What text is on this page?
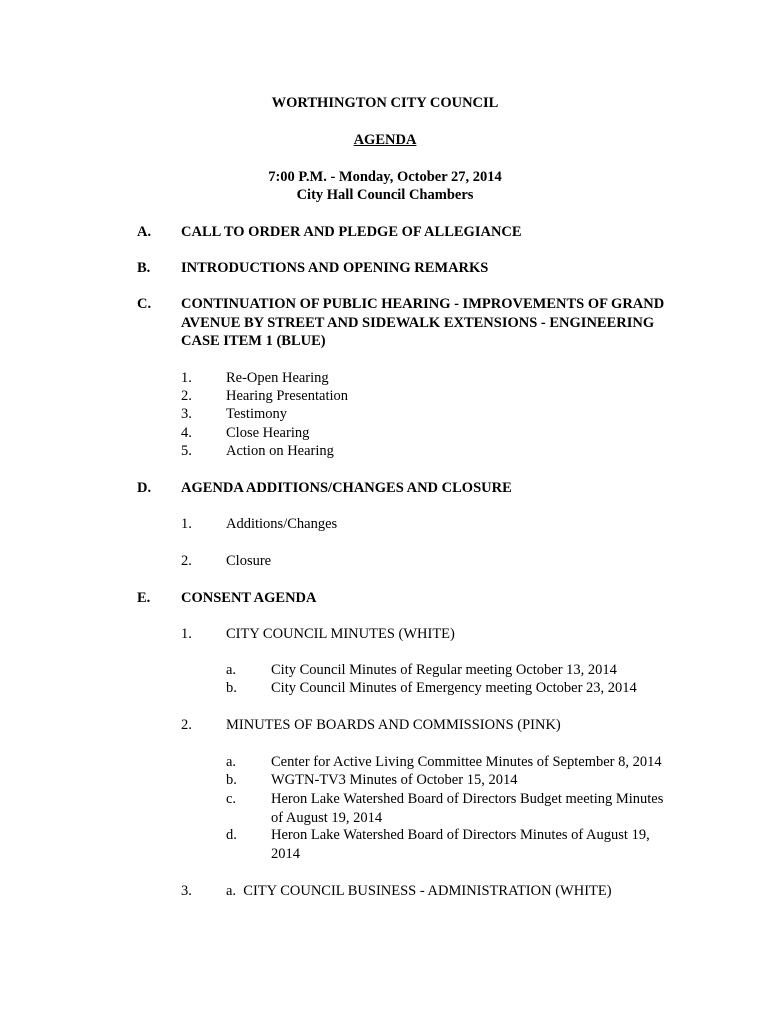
WORTHINGTON CITY COUNCIL
AGENDA
7:00 P.M. - Monday, October 27, 2014
City Hall Council Chambers
A. CALL TO ORDER AND PLEDGE OF ALLEGIANCE
B. INTRODUCTIONS AND OPENING REMARKS
C. CONTINUATION OF PUBLIC HEARING - IMPROVEMENTS OF GRAND
AVENUE BY STREET AND SIDEWALK EXTENSIONS - ENGINEERING
CASE ITEM 1 (BLUE)
1. Re-Open Hearing
2. Hearing Presentation
3. Testimony
4. Close Hearing
5. Action on Hearing
D. AGENDA ADDITIONS/CHANGES AND CLOSURE
1. Additions/Changes
2. Closure
E. CONSENT AGENDA
1. CITY COUNCIL MINUTES (WHITE)
a. City Council Minutes of Regular meeting October 13, 2014
b. City Council Minutes of Emergency meeting October 23, 2014
2. MINUTES OF BOARDS AND COMMISSIONS (PINK)
a. Center for Active Living Committee Minutes of September 8, 2014
b. WGTN-TV3 Minutes of October 15, 2014
c. Heron Lake Watershed Board of Directors Budget meeting Minutes
of August 19, 2014
d. Heron Lake Watershed Board of Directors Minutes of August 19,
2014
3. a.  CITY COUNCIL BUSINESS - ADMINISTRATION (WHITE)
